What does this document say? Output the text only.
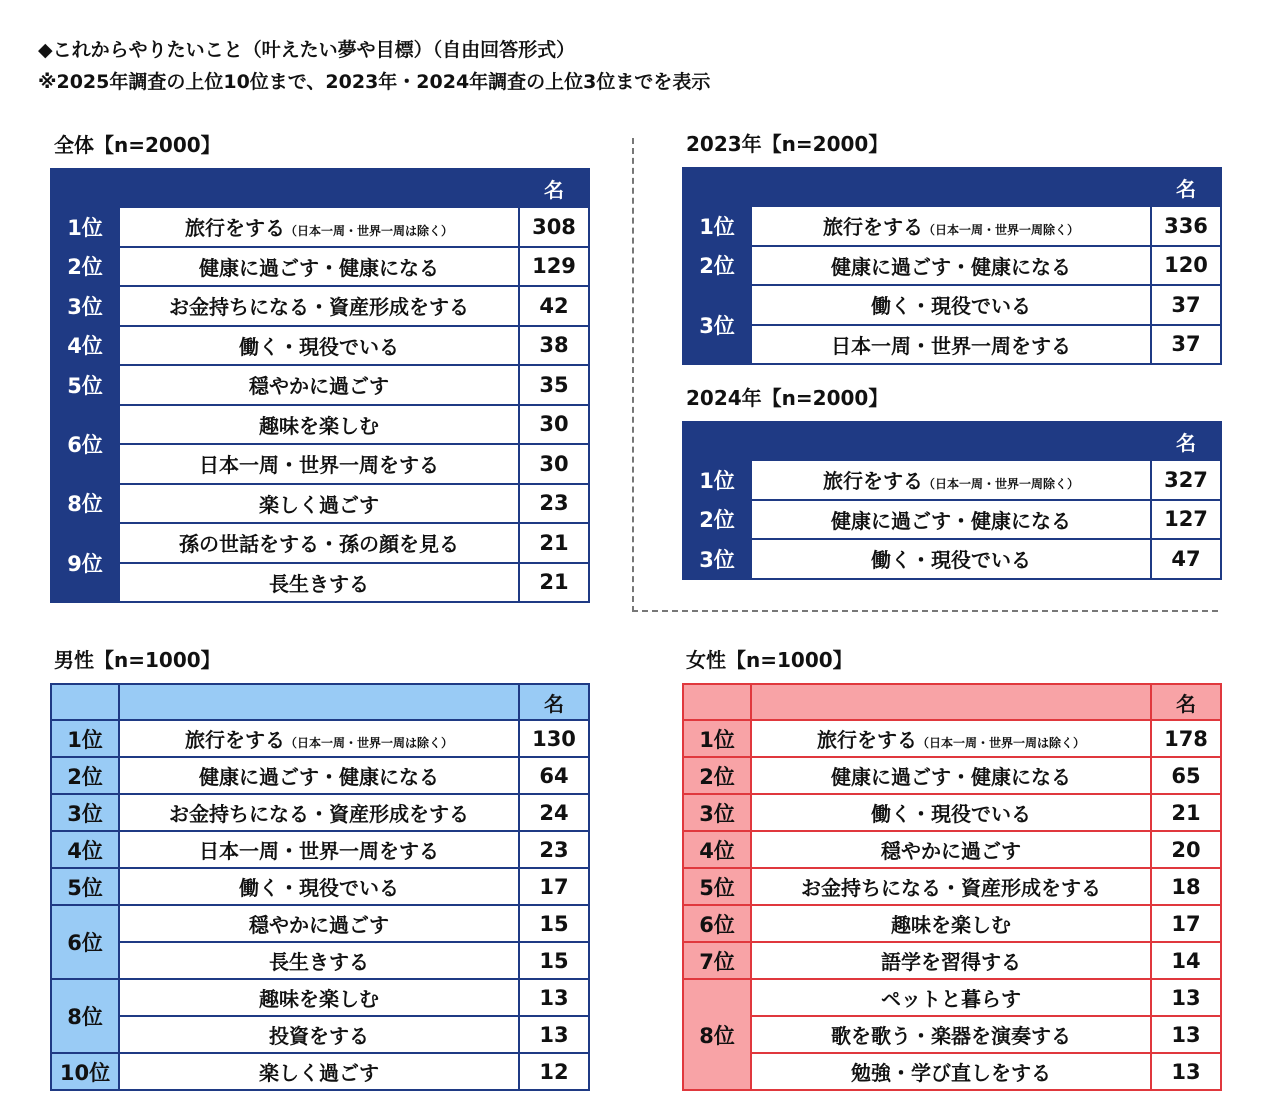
◆これからやりたいこと（叶えたい夢や目標）（自由回答形式）
※2025年調査の上位10位まで、2023年・2024年調査の上位3位までを表示
全体【n=2000】
		名
1位	旅行をする（日本一周・世界一周は除く）	308
2位	健康に過ごす・健康になる	129
3位	お金持ちになる・資産形成をする	42
4位	働く・現役でいる	38
5位	穏やかに過ごす	35
6位	趣味を楽しむ	30
	日本一周・世界一周をする	30
8位	楽しく過ごす	23
9位	孫の世話をする・孫の顔を見る	21
	長生きする	21
2023年【n=2000】
		名
1位	旅行をする（日本一周・世界一周除く）	336
2位	健康に過ごす・健康になる	120
3位	働く・現役でいる	37
	日本一周・世界一周をする	37
2024年【n=2000】
		名
1位	旅行をする（日本一周・世界一周除く）	327
2位	健康に過ごす・健康になる	127
3位	働く・現役でいる	47
男性【n=1000】
		名
1位	旅行をする（日本一周・世界一周は除く）	130
2位	健康に過ごす・健康になる	64
3位	お金持ちになる・資産形成をする	24
4位	日本一周・世界一周をする	23
5位	働く・現役でいる	17
6位	穏やかに過ごす	15
	長生きする	15
8位	趣味を楽しむ	13
	投資をする	13
10位	楽しく過ごす	12
女性【n=1000】
		名
1位	旅行をする（日本一周・世界一周は除く）	178
2位	健康に過ごす・健康になる	65
3位	働く・現役でいる	21
4位	穏やかに過ごす	20
5位	お金持ちになる・資産形成をする	18
6位	趣味を楽しむ	17
7位	語学を習得する	14
8位	ペットと暮らす	13
	歌を歌う・楽器を演奏する	13
	勉強・学び直しをする	13
